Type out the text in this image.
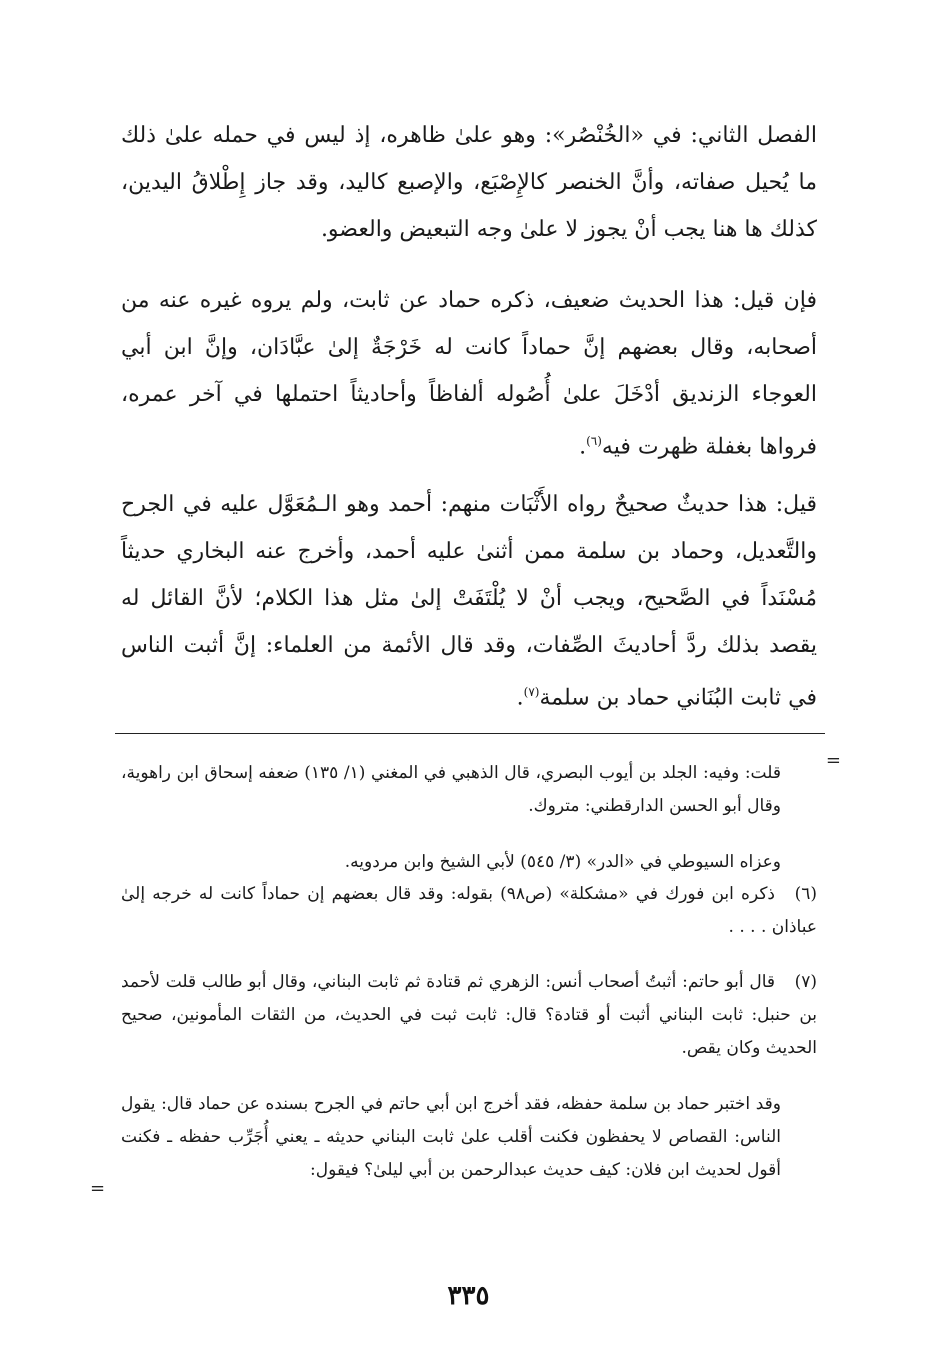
الفصل الثاني: في «الخُنْصُر»: وهو علىٰ ظاهره، إذ ليس في حمله علىٰ ذلك ما يُحيل صفاته، وأنَّ الخنصر كالإِصْبَع، والإصبع كاليد، وقد جاز إِطْلاقُ اليدين، كذلك ها هنا يجب أنْ يجوز لا علىٰ وجه التبعيض والعضو.

فإن قيل: هذا الحديث ضعيف، ذكره حماد عن ثابت، ولم يروه غيره عنه من أصحابه، وقال بعضهم إنَّ حماداً كانت له خَرْجَةٌ إلىٰ عبَّادَان، وإنَّ ابن أبي العوجاء الزنديق أدْخَلَ علىٰ أُصُوله ألفاظاً وأحاديثاً احتملها في آخر عمره، فرواها بغفلة ظهرت فيه$^{(٦)}$.

قيل: هذا حديثٌ صحيحٌ رواه الأَثْبَات منهم: أحمد وهو الـمُعَوَّل عليه في الجرح والتَّعديل، وحماد بن سلمة ممن أثنىٰ عليه أحمد، وأخرج عنه البخاري حديثاً مُسْنَداً في الصَّحيح، ويجب أنْ لا يُلْتَفَتْ إلىٰ مثل هذا الكلام؛ لأنَّ القائل له يقصد بذلك ردَّ أحاديثَ الصِّفات، وقد قال الأئمة من العلماء: إنَّ أثبت الناس في ثابت البُنَاني حماد بن سلمة$^{(٧)}$.

=

قلت: وفيه: الجلد بن أيوب البصري، قال الذهبي في المغني (١/ ١٣٥) ضعفه إسحاق ابن راهوية، وقال أبو الحسن الدارقطني: متروك.

وعزاه السيوطي في «الدر» (٣/ ٥٤٥) لأبي الشيخ وابن مردويه.

(٦)ذكره ابن فورك في «مشكلة» (ص٩٨) بقوله: وقد قال بعضهم إن حماداً كانت له خرجه إلىٰ عباذان . . . .

(٧)قال أبو حاتم: أثبتُ أصحاب أنس: الزهري ثم قتادة ثم ثابت البناني، وقال أبو طالب قلت لأحمد بن حنبل: ثابت البناني أثبت أو قتادة؟ قال: ثابت ثبت في الحديث، من الثقات المأمونين، صحيح الحديث وكان يقص.

وقد اختبر حماد بن سلمة حفظه، فقد أخرج ابن أبي حاتم في الجرح بسنده عن حماد قال: يقول الناس: القصاص لا يحفظون فكنت أقلب علىٰ ثابت البناني حديثه ـ يعني أُجَرِّب حفظه ـ فكنت أقول لحديث ابن فلان: كيف حديث عبدالرحمن بن أبي ليلىٰ؟ فيقول:

=
٣٣٥
